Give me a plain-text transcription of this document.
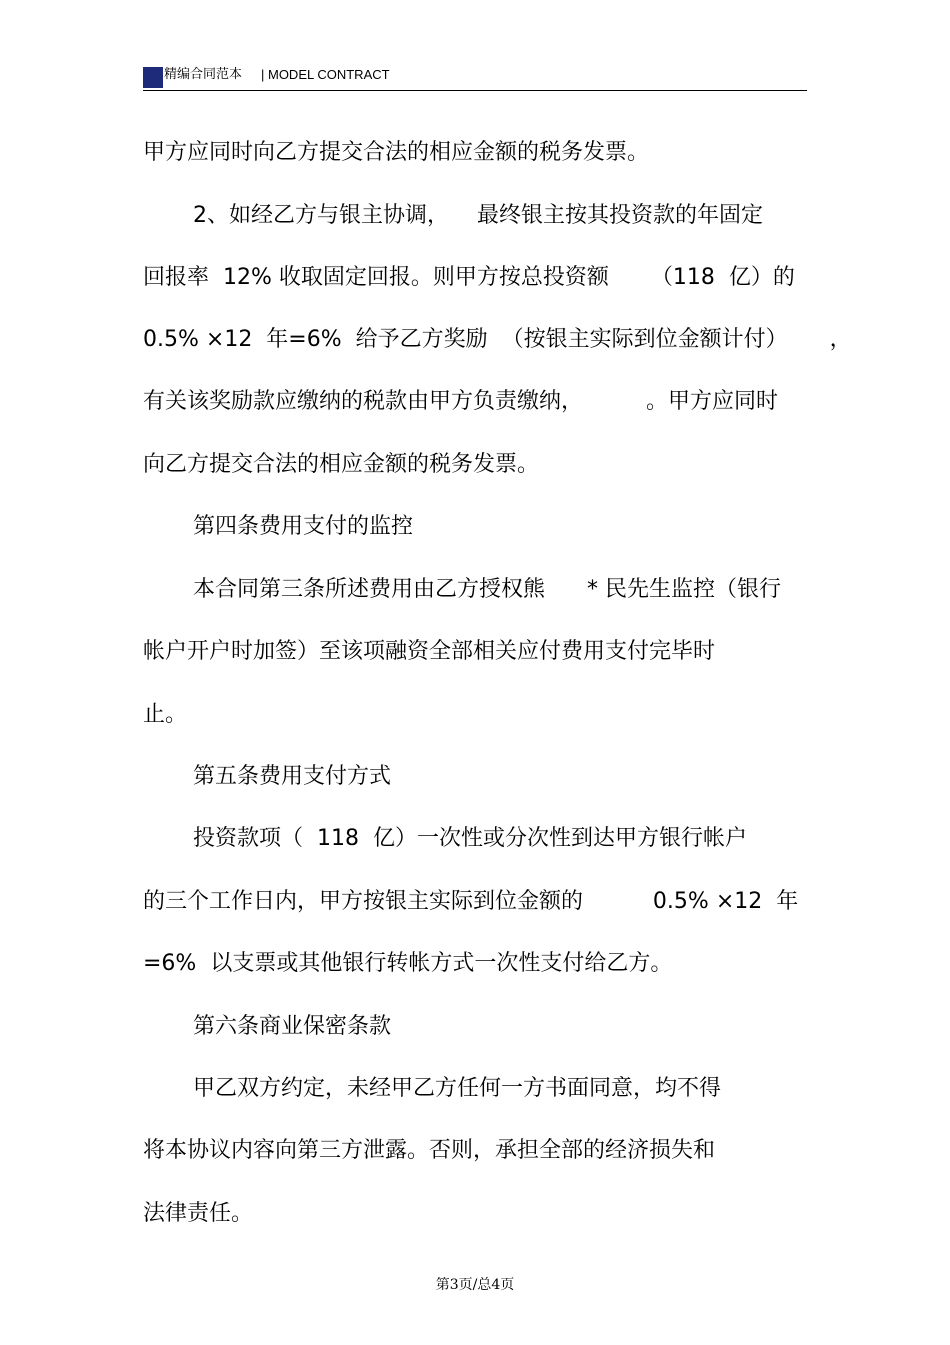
精编合同范本 | MODEL CONTRACT
甲方应同时向乙方提交合法的相应金额的税务发票。
2、如经乙方与银主协调，    最终银主按其投资款的年固定
回报率  12% 收取固定回报。则甲方按总投资额      （118  亿）的
0.5% ×12  年=6%  给予乙方奖励  （按银主实际到位金额计付）      ，
有关该奖励款应缴纳的税款由甲方负责缴纳，         。甲方应同时
向乙方提交合法的相应金额的税务发票。
第四条费用支付的监控
本合同第三条所述费用由乙方授权熊      * 民先生监控（银行
帐户开户时加签）至该项融资全部相关应付费用支付完毕时
止。
第五条费用支付方式
投资款项（  118  亿）一次性或分次性到达甲方银行帐户
的三个工作日内，甲方按银主实际到位金额的          0.5% ×12  年
=6%  以支票或其他银行转帐方式一次性支付给乙方。
第六条商业保密条款
甲乙双方约定，未经甲乙方任何一方书面同意，均不得
将本协议内容向第三方泄露。否则，承担全部的经济损失和
法律责任。
第3页/总4页
